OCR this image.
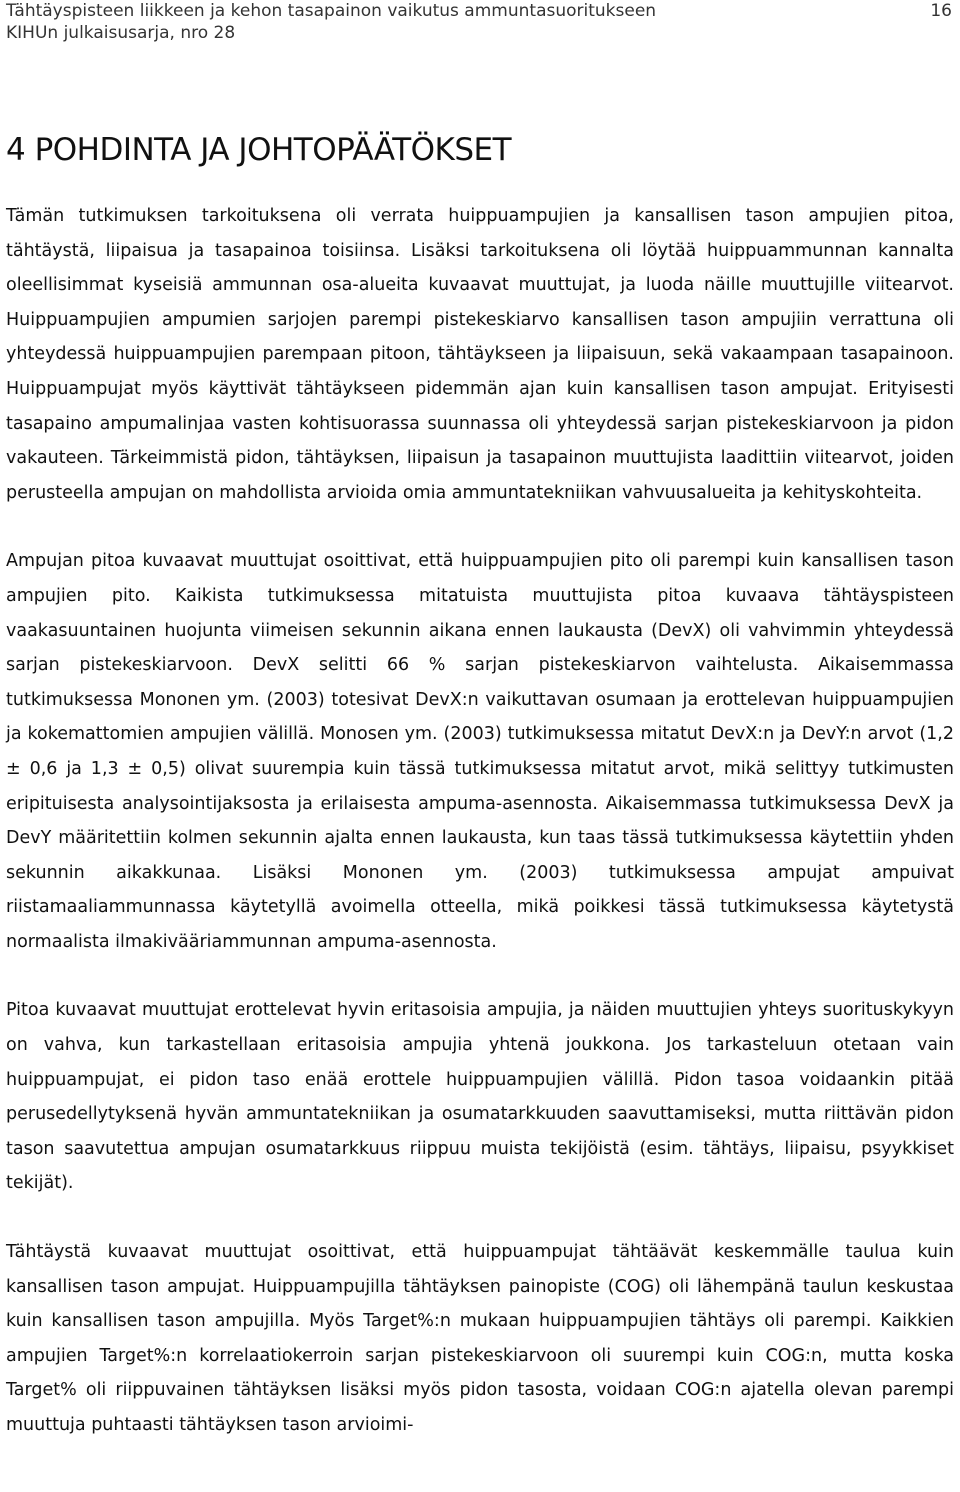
Tähtäyspisteen liikkeen ja kehon tasapainon vaikutus ammuntasuoritukseen
KIHUn julkaisusarja, nro 28
16
4 POHDINTA JA JOHTOPÄÄTÖKSET

Tämän tutkimuksen tarkoituksena oli verrata huippuampujien ja kansallisen tason ampujien pitoa, tähtäystä, liipaisua ja tasapainoa toisiinsa. Lisäksi tarkoituksena oli löytää huippuammunnan kannalta oleellisimmat kyseisiä ammunnan osa-alueita kuvaavat muuttujat, ja luoda näille muuttujille viitearvot. Huippuampujien ampumien sarjojen parempi pistekeskiarvo kansallisen tason ampujiin verrattuna oli yhteydessä huippuampujien parempaan pitoon, tähtäykseen ja liipaisuun, sekä vakaampaan tasapainoon. Huippuampujat myös käyttivät tähtäykseen pidemmän ajan kuin kansallisen tason ampujat. Erityisesti tasapaino ampumalinjaa vasten kohtisuorassa suunnassa oli yhteydessä sarjan pistekeskiarvoon ja pidon vakauteen. Tärkeimmistä pidon, tähtäyksen, liipaisun ja tasapainon muuttujista laadittiin viitearvot, joiden perusteella ampujan on mahdollista arvioida omia ammuntatekniikan vahvuusalueita ja kehityskohteita.

Ampujan pitoa kuvaavat muuttujat osoittivat, että huippuampujien pito oli parempi kuin kansallisen tason ampujien pito. Kaikista tutkimuksessa mitatuista muuttujista pitoa kuvaava tähtäyspisteen vaakasuuntainen huojunta viimeisen sekunnin aikana ennen laukausta (DevX) oli vahvimmin yhteydessä sarjan pistekeskiarvoon. DevX selitti 66 % sarjan pistekeskiarvon vaihtelusta. Aikaisemmassa tutkimuksessa Mononen ym. (2003) totesivat DevX:n vaikuttavan osumaan ja erottelevan huippuampujien ja kokemattomien ampujien välillä. Monosen ym. (2003) tutkimuksessa mitatut DevX:n ja DevY:n arvot (1,2 ± 0,6 ja 1,3 ± 0,5) olivat suurempia kuin tässä tutkimuksessa mitatut arvot, mikä selittyy tutkimusten eripituisesta analysointijaksosta ja erilaisesta ampuma-asennosta. Aikaisemmassa tutkimuksessa DevX ja DevY määritettiin kolmen sekunnin ajalta ennen laukausta, kun taas tässä tutkimuksessa käytettiin yhden sekunnin aikakkunaa. Lisäksi Mononen ym. (2003) tutkimuksessa ampujat ampuivat riistamaaliammunnassa käytetyllä avoimella otteella, mikä poikkesi tässä tutkimuksessa käytetystä normaalista ilmakivääriammunnan ampuma-asennosta.

Pitoa kuvaavat muuttujat erottelevat hyvin eritasoisia ampujia, ja näiden muuttujien yhteys suorituskykyyn on vahva, kun tarkastellaan eritasoisia ampujia yhtenä joukkona. Jos tarkasteluun otetaan vain huippuampujat, ei pidon taso enää erottele huippuampujien välillä. Pidon tasoa voidaankin pitää perusedellytyksenä hyvän ammuntatekniikan ja osumatarkkuuden saavuttamiseksi, mutta riittävän pidon tason saavutettua ampujan osumatarkkuus riippuu muista tekijöistä (esim. tähtäys, liipaisu, psyykkiset tekijät).

Tähtäystä kuvaavat muuttujat osoittivat, että huippuampujat tähtäävät keskemmälle taulua kuin kansallisen tason ampujat. Huippuampujilla tähtäyksen painopiste (COG) oli lähempänä taulun keskustaa kuin kansallisen tason ampujilla. Myös Target%:n mukaan huippuampujien tähtäys oli parempi. Kaikkien ampujien Target%:n korrelaatiokerroin sarjan pistekeskiarvoon oli suurempi kuin COG:n, mutta koska Target% oli riippuvainen tähtäyksen lisäksi myös pidon tasosta, voidaan COG:n ajatella olevan parempi muuttuja puhtaasti tähtäyksen tason arvioimi-
